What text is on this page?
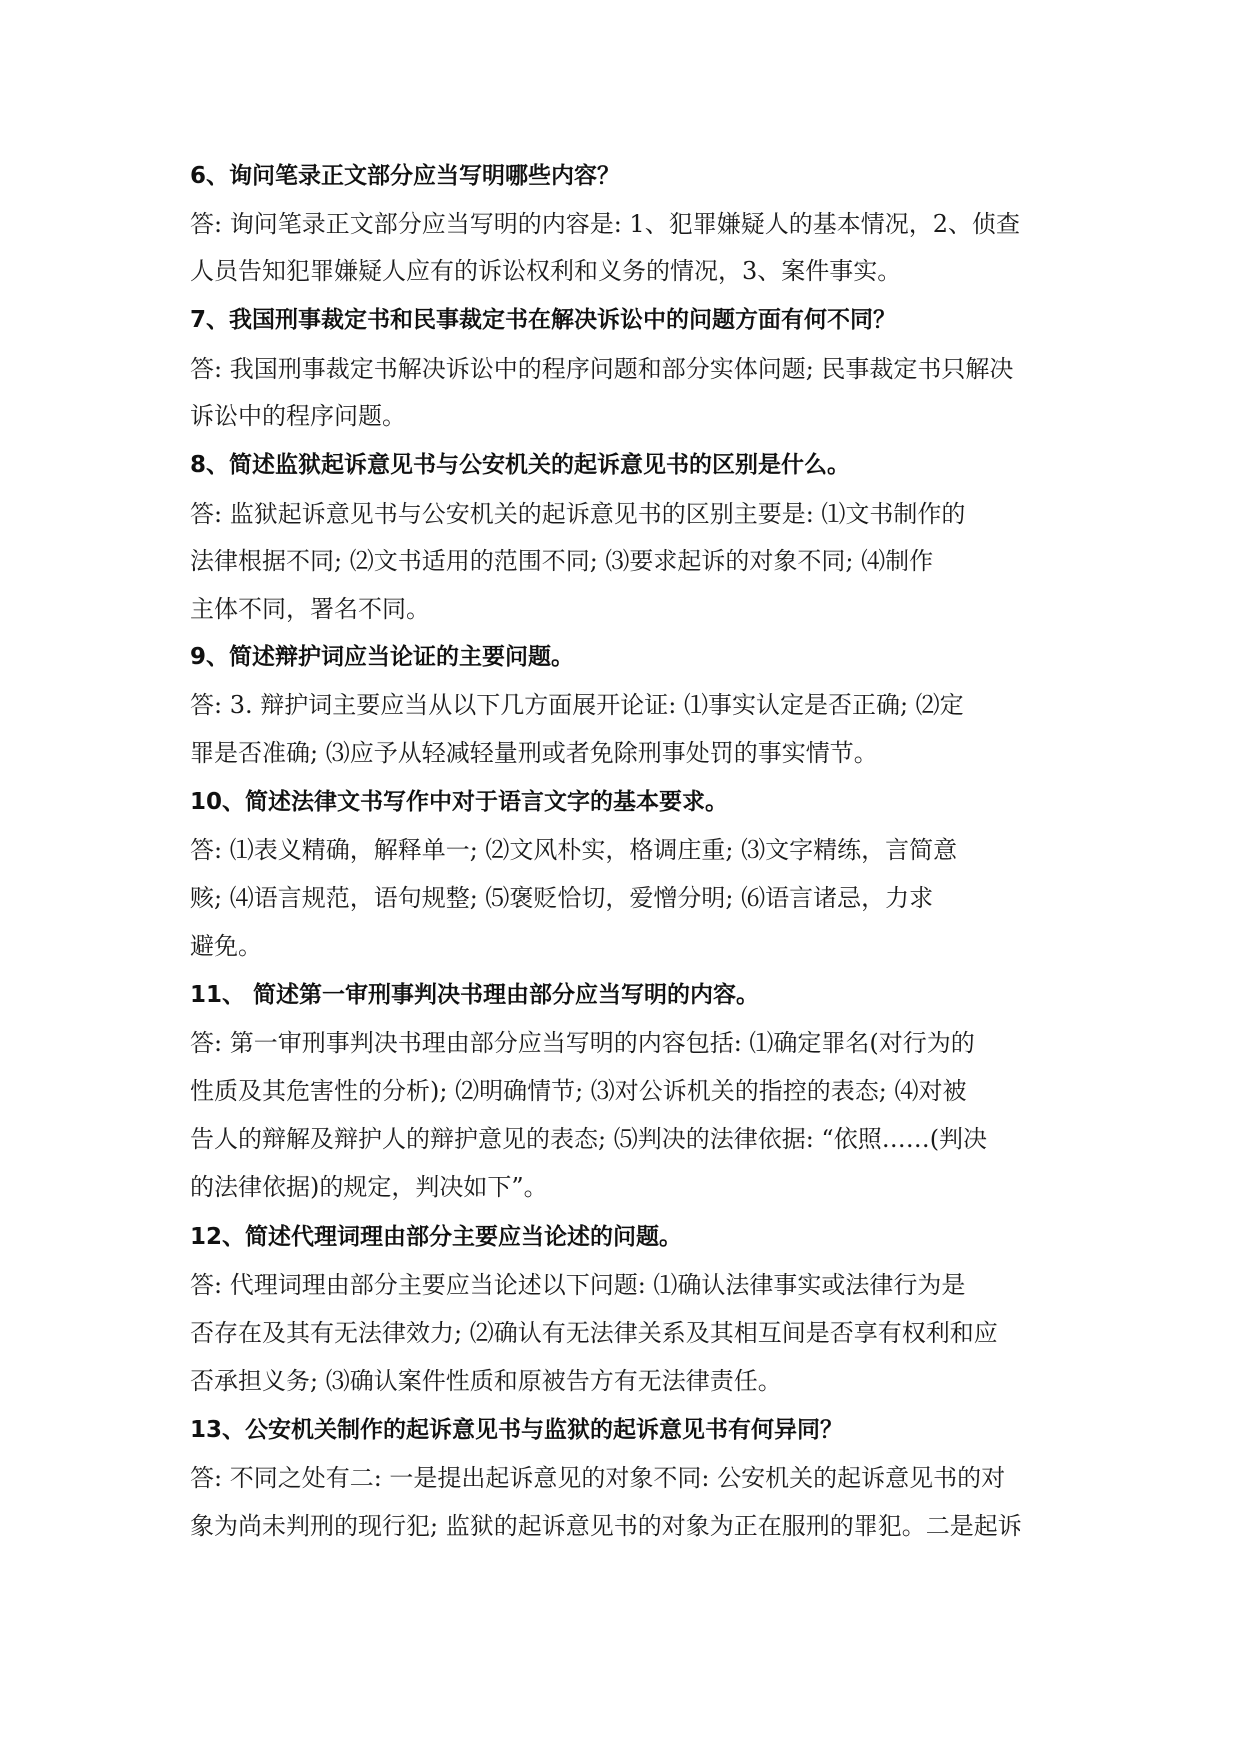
6、询问笔录正文部分应当写明哪些内容？
答: 询问笔录正文部分应当写明的内容是: 1、犯罪嫌疑人的基本情况，2、侦查
人员告知犯罪嫌疑人应有的诉讼权利和义务的情况，3、案件事实。
7、我国刑事裁定书和民事裁定书在解决诉讼中的问题方面有何不同？
答: 我国刑事裁定书解决诉讼中的程序问题和部分实体问题; 民事裁定书只解决
诉讼中的程序问题。
8、简述监狱起诉意见书与公安机关的起诉意见书的区别是什么。
答: 监狱起诉意见书与公安机关的起诉意见书的区别主要是: ⑴文书制作的
法律根据不同; ⑵文书适用的范围不同; ⑶要求起诉的对象不同; ⑷制作
主体不同，署名不同。
9、简述辩护词应当论证的主要问题。
答: 3. 辩护词主要应当从以下几方面展开论证: ⑴事实认定是否正确; ⑵定
罪是否准确; ⑶应予从轻减轻量刑或者免除刑事处罚的事实情节。
10、简述法律文书写作中对于语言文字的基本要求。
答: ⑴表义精确，解释单一; ⑵文风朴实，格调庄重; ⑶文字精练，言简意
赅; ⑷语言规范，语句规整; ⑸褒贬恰切，爱憎分明; ⑹语言诸忌，力求
避免。
11、 简述第一审刑事判决书理由部分应当写明的内容。
答: 第一审刑事判决书理由部分应当写明的内容包括: ⑴确定罪名(对行为的
性质及其危害性的分析); ⑵明确情节; ⑶对公诉机关的指控的表态; ⑷对被
告人的辩解及辩护人的辩护意见的表态; ⑸判决的法律依据: “依照……(判决
的法律依据)的规定，判决如下”。
12、简述代理词理由部分主要应当论述的问题。
答: 代理词理由部分主要应当论述以下问题: ⑴确认法律事实或法律行为是
否存在及其有无法律效力; ⑵确认有无法律关系及其相互间是否享有权利和应
否承担义务; ⑶确认案件性质和原被告方有无法律责任。
13、公安机关制作的起诉意见书与监狱的起诉意见书有何异同？
答: 不同之处有二: 一是提出起诉意见的对象不同: 公安机关的起诉意见书的对
象为尚未判刑的现行犯; 监狱的起诉意见书的对象为正在服刑的罪犯。二是起诉
